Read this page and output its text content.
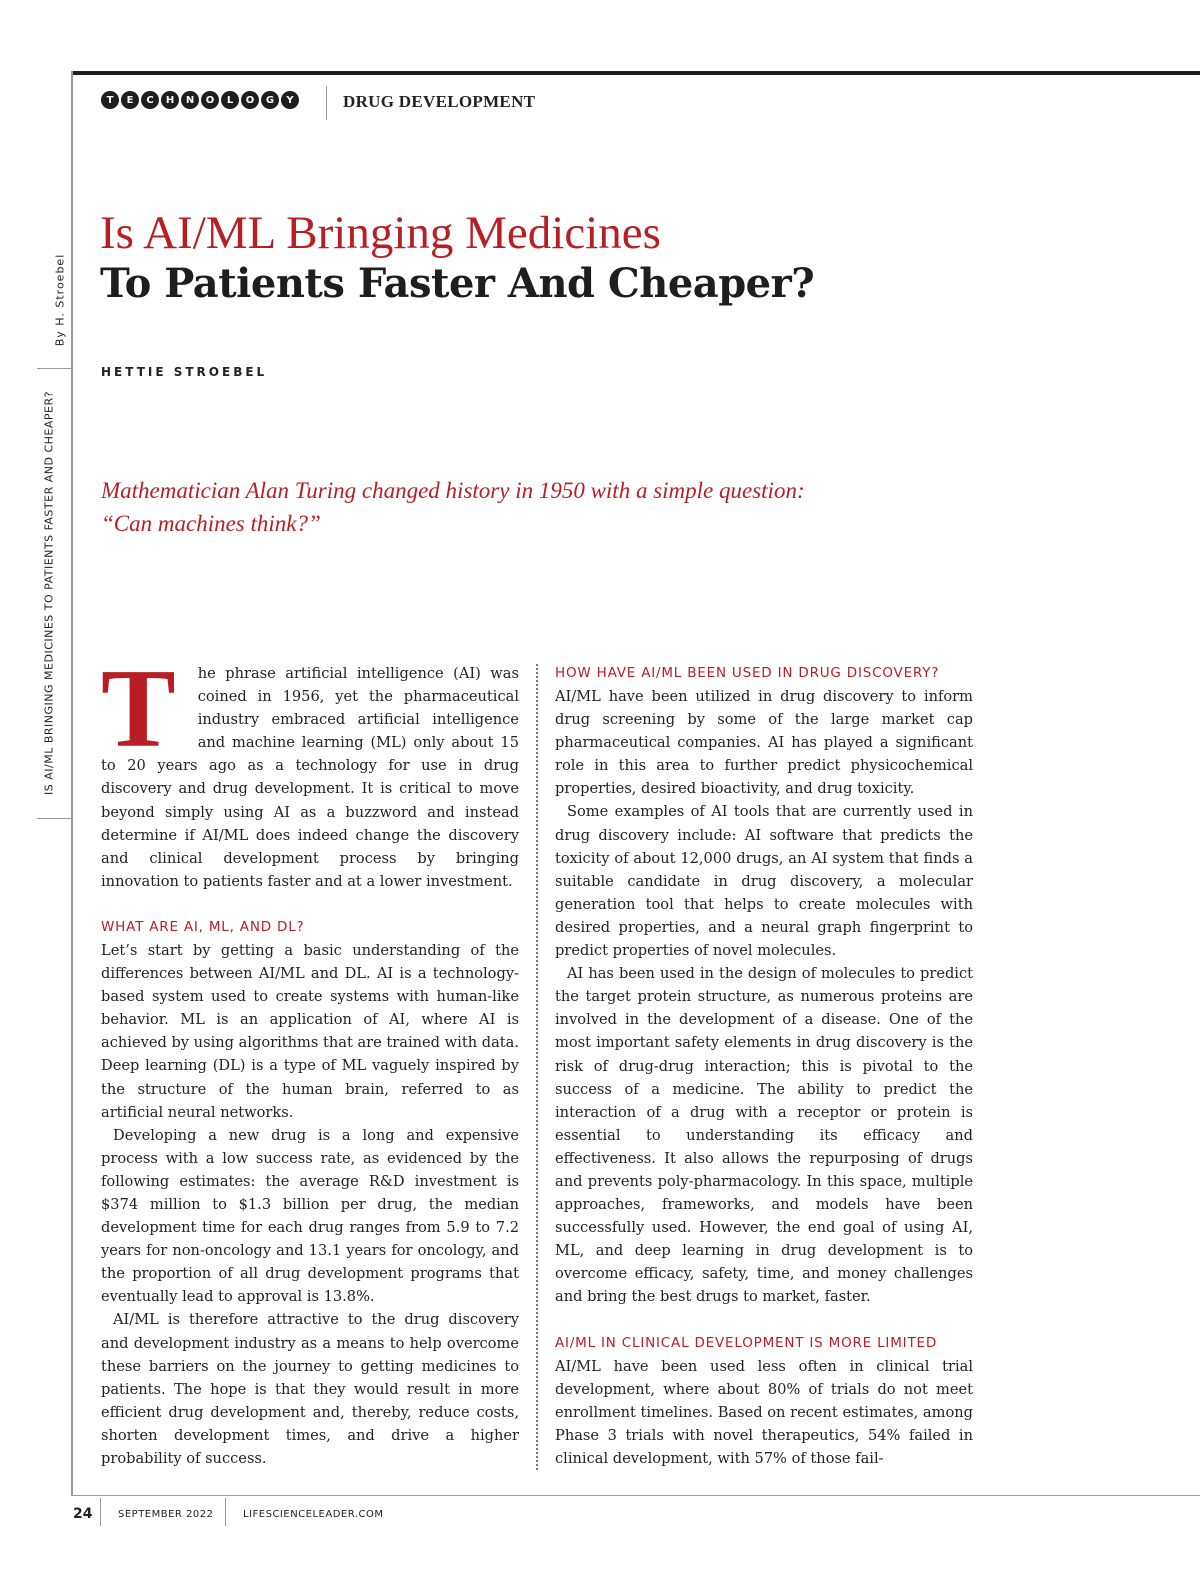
By H. Stroebel
IS AI/ML BRINGING MEDICINES TO PATIENTS FASTER AND CHEAPER?
T	E	C	H	N	O	L	O	G	Y	DRUG DEVELOPMENT
Is AI/ML Bringing Medicines
To Patients Faster And Cheaper?
HETTIE STROEBEL

Mathematician Alan Turing changed history in 1950 with a simple question:
“Can machines think?”

T he phrase artificial intelligence (AI) was coined in 1956, yet the pharmaceutical industry embraced artificial intelligence and machine learning (ML) only about 15 to 20 years ago as a technology for use in drug discovery and drug development. It is critical to move beyond simply using AI as a buzzword and instead determine if AI/ML does indeed change the discovery and clinical development process by bringing innovation to patients faster and at a lower investment.

WHAT ARE AI, ML, AND DL?

Let’s start by getting a basic understanding of the differences between AI/ML and DL. AI is a technology-based system used to create systems with human-like behavior. ML is an application of AI, where AI is achieved by using algorithms that are trained with data. Deep learning (DL) is a type of ML vaguely inspired by the structure of the human brain, referred to as artificial neural networks.

Developing a new drug is a long and expensive process with a low success rate, as evidenced by the following estimates: the average R&D investment is $374 million to $1.3 billion per drug, the median development time for each drug ranges from 5.9 to 7.2 years for non-oncology and 13.1 years for oncology, and the proportion of all drug development programs that eventually lead to approval is 13.8%.

AI/ML is therefore attractive to the drug discovery and development industry as a means to help overcome these barriers on the journey to getting medicines to patients. The hope is that they would result in more efficient drug development and, thereby, reduce costs, shorten development times, and drive a higher probability of success.

HOW HAVE AI/ML BEEN USED IN DRUG DISCOVERY?

AI/ML have been utilized in drug discovery to inform drug screening by some of the large market cap pharmaceutical companies. AI has played a significant role in this area to further predict physicochemical properties, desired bioactivity, and drug toxicity.

Some examples of AI tools that are currently used in drug discovery include: AI software that predicts the toxicity of about 12,000 drugs, an AI system that finds a suitable candidate in drug discovery, a molecular generation tool that helps to create molecules with desired properties, and a neural graph fingerprint to predict properties of novel molecules.

AI has been used in the design of molecules to predict the target protein structure, as numerous proteins are involved in the development of a disease. One of the most important safety elements in drug discovery is the risk of drug-drug interaction; this is pivotal to the success of a medicine. The ability to predict the interaction of a drug with a receptor or protein is essential to understanding its efficacy and effectiveness. It also allows the repurposing of drugs and prevents poly-pharmacology. In this space, multiple approaches, frameworks, and models have been successfully used. However, the end goal of using AI, ML, and deep learning in drug development is to overcome efficacy, safety, time, and money challenges and bring the best drugs to market, faster.

AI/ML IN CLINICAL DEVELOPMENT IS MORE LIMITED

AI/ML have been used less often in clinical trial development, where about 80% of trials do not meet enrollment timelines. Based on recent estimates, among Phase 3 trials with novel therapeutics, 54% failed in clinical development, with 57% of those fail-

24	SEPTEMBER 2022	LIFESCIENCELEADER.COM
